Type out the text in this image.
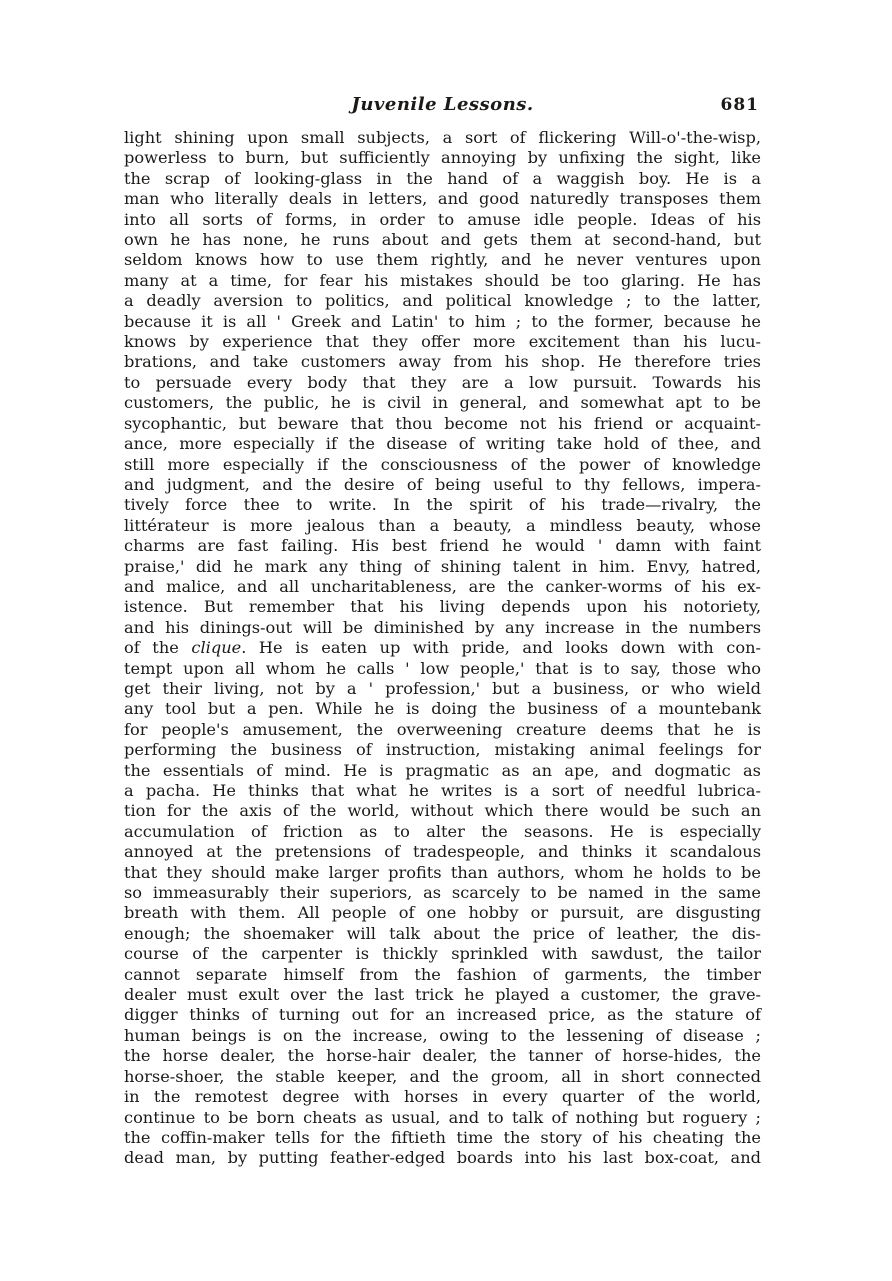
Juvenile Lessons.	681
light shining upon small subjects, a sort of flickering Will-o'-the-wisp,
powerless to burn, but sufficiently annoying by unfixing the sight, like
the scrap of looking-glass in the hand of a waggish boy. He is a
man who literally deals in letters, and good naturedly transposes them
into all sorts of forms, in order to amuse idle people. Ideas of his
own he has none, he runs about and gets them at second-hand, but
seldom knows how to use them rightly, and he never ventures upon
many at a time, for fear his mistakes should be too glaring. He has
a deadly aversion to politics, and political knowledge ; to the latter,
because it is all ' Greek and Latin' to him ; to the former, because he
knows by experience that they offer more excitement than his lucu-
brations, and take customers away from his shop. He therefore tries
to persuade every body that they are a low pursuit. Towards his
customers, the public, he is civil in general, and somewhat apt to be
sycophantic, but beware that thou become not his friend or acquaint-
ance, more especially if the disease of writing take hold of thee, and
still more especially if the consciousness of the power of knowledge
and judgment, and the desire of being useful to thy fellows, impera-
tively force thee to write. In the spirit of his trade—rivalry, the
littérateur is more jealous than a beauty, a mindless beauty, whose
charms are fast failing. His best friend he would ' damn with faint
praise,' did he mark any thing of shining talent in him. Envy, hatred,
and malice, and all uncharitableness, are the canker-worms of his ex-
istence. But remember that his living depends upon his notoriety,
and his dinings-out will be diminished by any increase in the numbers
of the clique. He is eaten up with pride, and looks down with con-
tempt upon all whom he calls ' low people,' that is to say, those who
get their living, not by a ' profession,' but a business, or who wield
any tool but a pen. While he is doing the business of a mountebank
for people's amusement, the overweening creature deems that he is
performing the business of instruction, mistaking animal feelings for
the essentials of mind. He is pragmatic as an ape, and dogmatic as
a pacha. He thinks that what he writes is a sort of needful lubrica-
tion for the axis of the world, without which there would be such an
accumulation of friction as to alter the seasons. He is especially
annoyed at the pretensions of tradespeople, and thinks it scandalous
that they should make larger profits than authors, whom he holds to be
so immeasurably their superiors, as scarcely to be named in the same
breath with them. All people of one hobby or pursuit, are disgusting
enough; the shoemaker will talk about the price of leather, the dis-
course of the carpenter is thickly sprinkled with sawdust, the tailor
cannot separate himself from the fashion of garments, the timber
dealer must exult over the last trick he played a customer, the grave-
digger thinks of turning out for an increased price, as the stature of
human beings is on the increase, owing to the lessening of disease ;
the horse dealer, the horse-hair dealer, the tanner of horse-hides, the
horse-shoer, the stable keeper, and the groom, all in short connected
in the remotest degree with horses in every quarter of the world,
continue to be born cheats as usual, and to talk of nothing but roguery ;
the coffin-maker tells for the fiftieth time the story of his cheating the
dead man, by putting feather-edged boards into his last box-coat, and
